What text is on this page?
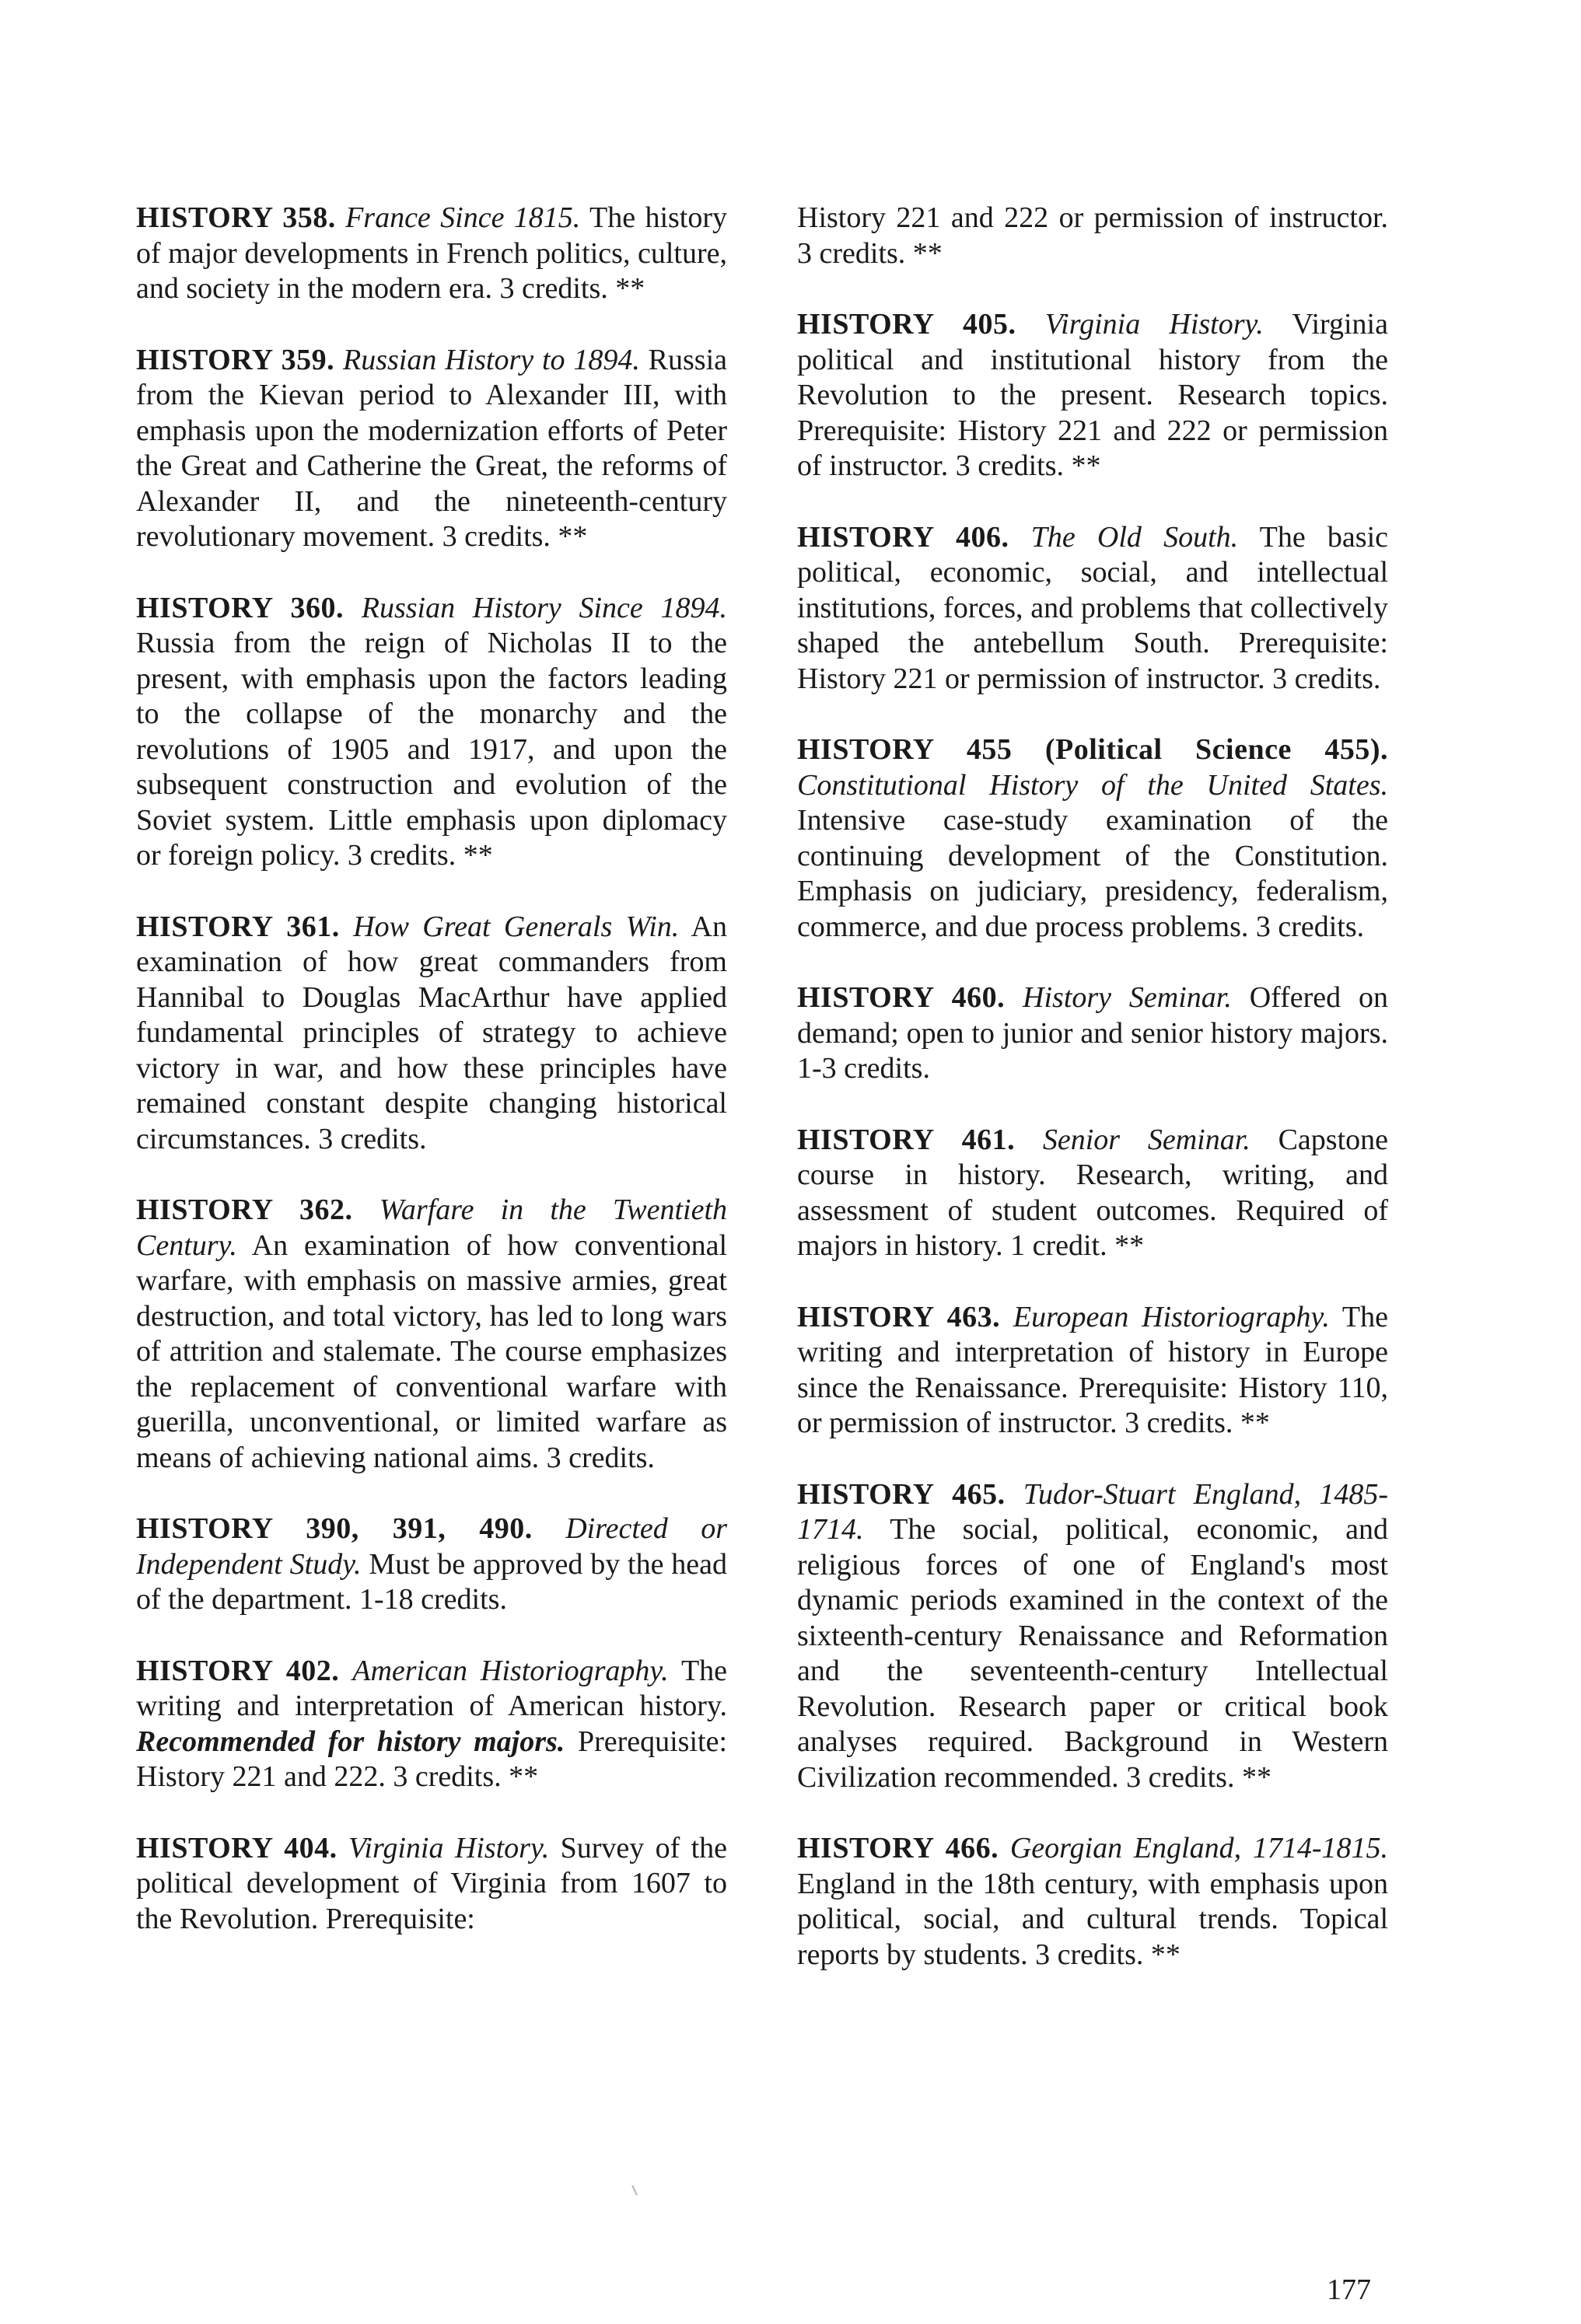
HISTORY 358. France Since 1815. The history of major developments in French politics, culture, and society in the modern era. 3 credits. **

HISTORY 359. Russian History to 1894. Russia from the Kievan period to Alexander III, with emphasis upon the modernization efforts of Peter the Great and Catherine the Great, the reforms of Alexander II, and the nineteenth-century revolutionary movement. 3 credits. **

HISTORY 360. Russian History Since 1894. Russia from the reign of Nicholas II to the present, with emphasis upon the factors leading to the collapse of the monarchy and the revolutions of 1905 and 1917, and upon the subsequent construction and evolution of the Soviet system. Little emphasis upon diplomacy or foreign policy. 3 credits. **

HISTORY 361. How Great Generals Win. An examination of how great commanders from Hannibal to Douglas MacArthur have applied fundamental principles of strategy to achieve victory in war, and how these principles have remained constant despite changing historical circumstances. 3 credits.

HISTORY 362. Warfare in the Twentieth Century. An examination of how conventional warfare, with emphasis on massive armies, great destruction, and total victory, has led to long wars of attrition and stalemate. The course emphasizes the replacement of conventional warfare with guerilla, unconventional, or limited warfare as means of achieving national aims. 3 credits.

HISTORY 390, 391, 490. Directed or Independent Study. Must be approved by the head of the department. 1-18 credits.

HISTORY 402. American Historiography. The writing and interpretation of American history. Recommended for history majors. Prerequisite: History 221 and 222. 3 credits. **

HISTORY 404. Virginia History. Survey of the political development of Virginia from 1607 to the Revolution. Prerequisite:

History 221 and 222 or permission of instructor. 3 credits. **

HISTORY 405. Virginia History. Virginia political and institutional history from the Revolution to the present. Research topics. Prerequisite: History 221 and 222 or permission of instructor. 3 credits. **

HISTORY 406. The Old South. The basic political, economic, social, and intellectual institutions, forces, and problems that collectively shaped the antebellum South. Prerequisite: History 221 or permission of instructor. 3 credits.

HISTORY 455 (Political Science 455). Constitutional History of the United States. Intensive case-study examination of the continuing development of the Constitution. Emphasis on judiciary, presidency, federalism, commerce, and due process problems. 3 credits.

HISTORY 460. History Seminar. Offered on demand; open to junior and senior history majors. 1-3 credits.

HISTORY 461. Senior Seminar. Capstone course in history. Research, writing, and assessment of student outcomes. Required of majors in history. 1 credit. **

HISTORY 463. European Historiography. The writing and interpretation of history in Europe since the Renaissance. Prerequisite: History 110, or permission of instructor. 3 credits. **

HISTORY 465. Tudor-Stuart England, 1485-1714. The social, political, economic, and religious forces of one of England's most dynamic periods examined in the context of the sixteenth-century Renaissance and Reformation and the seventeenth-century Intellectual Revolution. Research paper or critical book analyses required. Background in Western Civilization recommended. 3 credits. **

HISTORY 466. Georgian England, 1714-1815. England in the 18th century, with emphasis upon political, social, and cultural trends. Topical reports by students. 3 credits. **

177
